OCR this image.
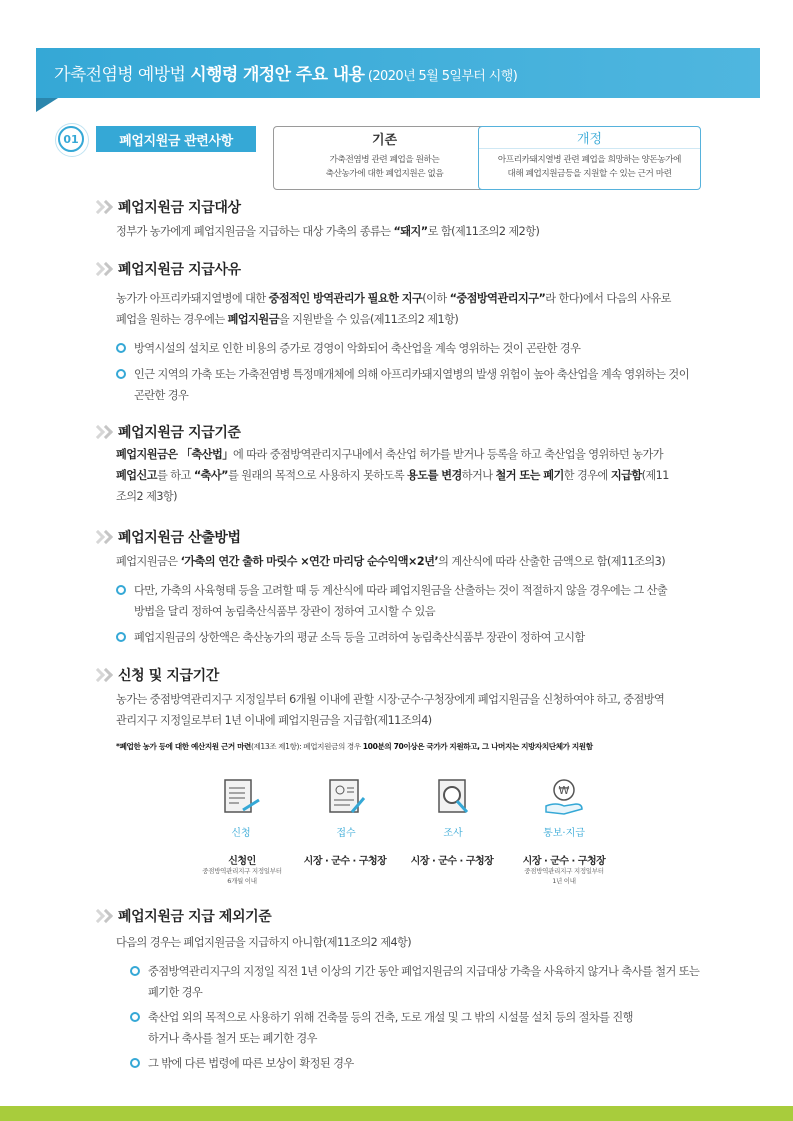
가축전염병 예방법 시행령 개정안 주요 내용 (2020년 5월 5일부터 시행)
01	폐업지원금 관련사항	기존
가축전염병 관련 폐업을 원하는
축산농가에 대한 폐업지원은 없음
개정
아프리카돼지열병 관련 폐업을 희망하는 양돈농가에
대해 폐업지원금등을 지원할 수 있는 근거 마련
폐업지원금 지급대상
정부가 농가에게 폐업지원금을 지급하는 대상 가축의 종류는 “돼지”로 함(제11조의2 제2항)
폐업지원금 지급사유
농가가 아프리카돼지열병에 대한 중점적인 방역관리가 필요한 지구(이하 “중점방역관리지구”라 한다)에서 다음의 사유로
폐업을 원하는 경우에는 폐업지원금을 지원받을 수 있음(제11조의2 제1항)
방역시설의 설치로 인한 비용의 증가로 경영이 악화되어 축산업을 계속 영위하는 것이 곤란한 경우
인근 지역의 가축 또는 가축전염병 특정매개체에 의해 아프리카돼지열병의 발생 위험이 높아 축산업을 계속 영위하는 것이
곤란한 경우
폐업지원금 지급기준
폐업지원금은 「축산법」에 따라 중점방역관리지구내에서 축산업 허가를 받거나 등록을 하고 축산업을 영위하던 농가가
폐업신고를 하고 “축사”를 원래의 목적으로 사용하지 못하도록 용도를 변경하거나 철거 또는 폐기한 경우에 지급함(제11
조의2 제3항)
폐업지원금 산출방법
폐업지원금은 ‘가축의 연간 출하 마릿수 ×연간 마리당 순수익액×2년’의 계산식에 따라 산출한 금액으로 함(제11조의3)
다만, 가축의 사육형태 등을 고려할 때 등 계산식에 따라 폐업지원금을 산출하는 것이 적절하지 않을 경우에는 그 산출
방법을 달리 정하여 농림축산식품부 장관이 정하여 고시할 수 있음
폐업지원금의 상한액은 축산농가의 평균 소득 등을 고려하여 농림축산식품부 장관이 정하여 고시함
신청 및 지급기간
농가는 중점방역관리지구 지정일부터 6개월 이내에 관할 시장·군수·구청장에게 폐업지원금을 신청하여야 하고, 중점방역
관리지구 지정일로부터 1년 이내에 폐업지원금을 지급함(제11조의4)
*폐업한 농가 등에 대한 예산지원 근거 마련(제13조 제1항): 폐업지원금의 경우 100분의 70이상은 국가가 지원하고, 그 나머지는 지방자치단체가 지원함
₩
신청	접수	조사	통보·지급
신청인	시장 · 군수 · 구청장	시장 · 군수 · 구청장	시장 · 군수 · 구청장
중점방역관리지구 지정일부터
6개월 이내
중점방역관리지구 지정일부터
1년 이내
폐업지원금 지급 제외기준
다음의 경우는 폐업지원금을 지급하지 아니함(제11조의2 제4항)
중점방역관리지구의 지정일 직전 1년 이상의 기간 동안 폐업지원금의 지급대상 가축을 사육하지 않거나 축사를 철거 또는
폐기한 경우
축산업 외의 목적으로 사용하기 위해 건축물 등의 건축, 도로 개설 및 그 밖의 시설물 설치 등의 절차를 진행
하거나 축사를 철거 또는 폐기한 경우
그 밖에 다른 법령에 따른 보상이 확정된 경우
